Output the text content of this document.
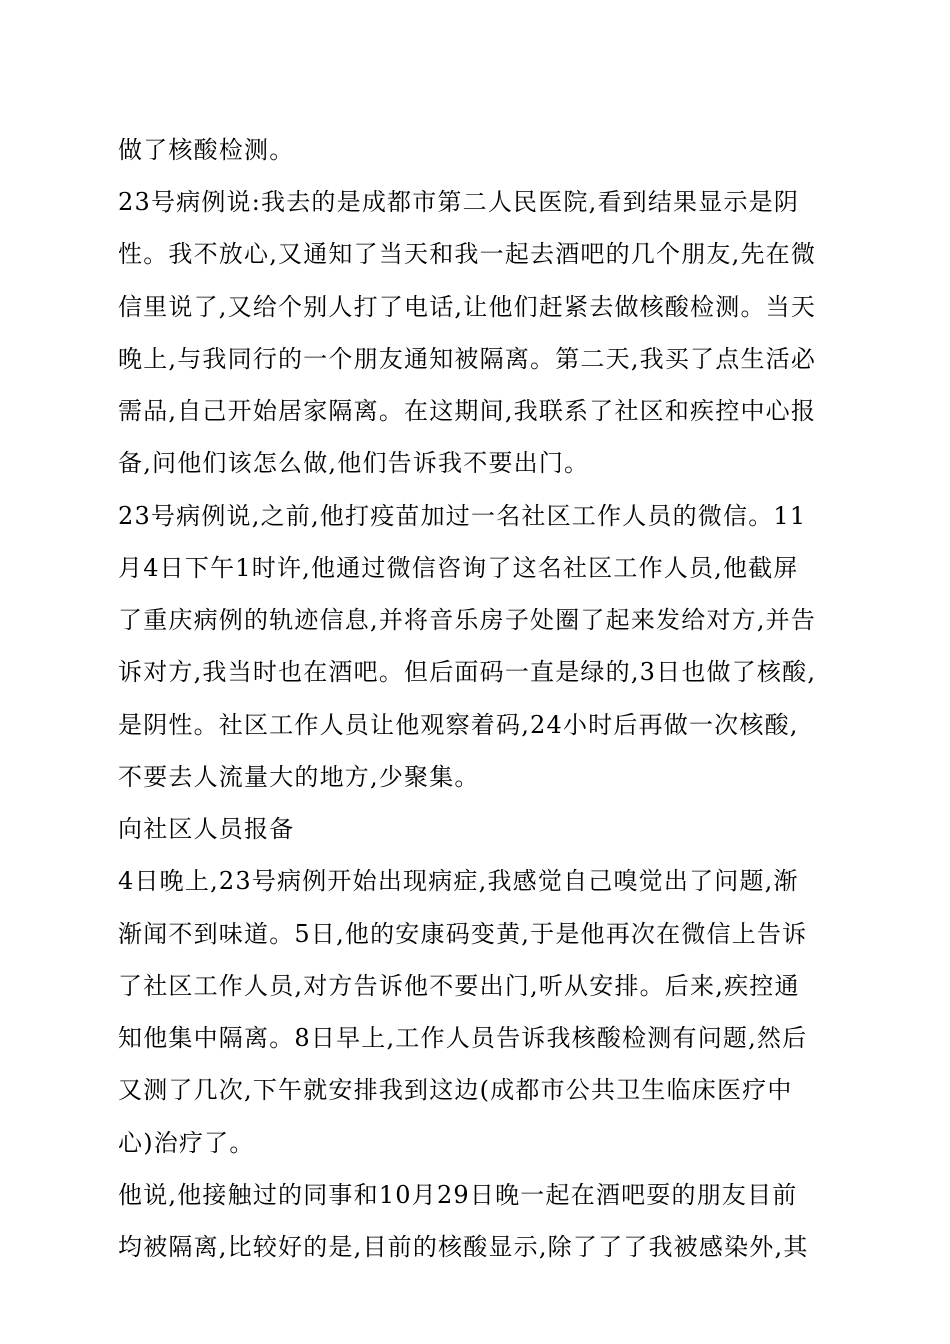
做了核酸检测。
23号病例说:我去的是成都市第二人民医院,看到结果显示是阴
性。我不放心,又通知了当天和我一起去酒吧的几个朋友,先在微
信里说了,又给个别人打了电话,让他们赶紧去做核酸检测。当天
晚上,与我同行的一个朋友通知被隔离。第二天,我买了点生活必
需品,自己开始居家隔离。在这期间,我联系了社区和疾控中心报
备,问他们该怎么做,他们告诉我不要出门。
23号病例说,之前,他打疫苗加过一名社区工作人员的微信。11
月4日下午1时许,他通过微信咨询了这名社区工作人员,他截屏
了重庆病例的轨迹信息,并将音乐房子处圈了起来发给对方,并告
诉对方,我当时也在酒吧。但后面码一直是绿的,3日也做了核酸,
是阴性。社区工作人员让他观察着码,24小时后再做一次核酸,
不要去人流量大的地方,少聚集。
向社区人员报备
4日晚上,23号病例开始出现病症,我感觉自己嗅觉出了问题,渐
渐闻不到味道。5日,他的安康码变黄,于是他再次在微信上告诉
了社区工作人员,对方告诉他不要出门,听从安排。后来,疾控通
知他集中隔离。8日早上,工作人员告诉我核酸检测有问题,然后
又测了几次,下午就安排我到这边(成都市公共卫生临床医疗中
心)治疗了。
他说,他接触过的同事和10月29日晚一起在酒吧耍的朋友目前
均被隔离,比较好的是,目前的核酸显示,除了了了我被感染外,其
